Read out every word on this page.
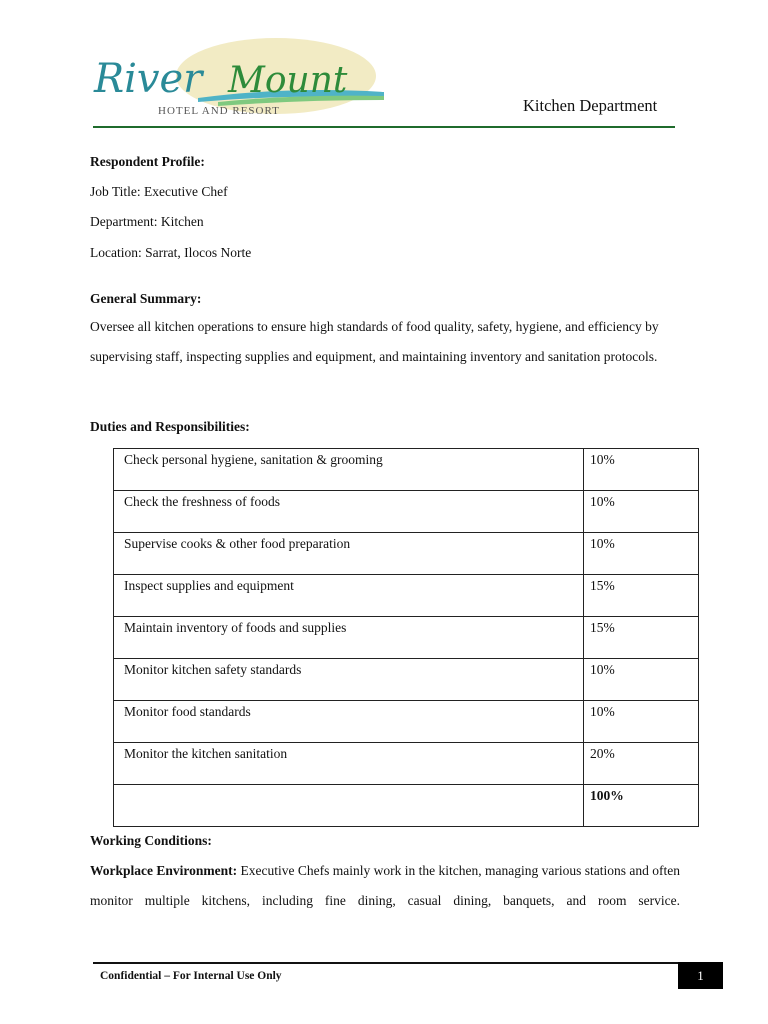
River Mount
HOTEL AND RESORT	Kitchen Department
Respondent Profile:
Job Title: Executive Chef
Department: Kitchen
Location: Sarrat, Ilocos Norte
General Summary:
Oversee all kitchen operations to ensure high standards of food quality, safety, hygiene, and efficiency by supervising staff, inspecting supplies and equipment, and maintaining inventory and sanitation protocols.
Duties and Responsibilities:
Check personal hygiene, sanitation & grooming	10%
Check the freshness of foods	10%
Supervise cooks & other food preparation	10%
Inspect supplies and equipment	15%
Maintain inventory of foods and supplies	15%
Monitor kitchen safety standards	10%
Monitor food standards	10%
Monitor the kitchen sanitation	20%
	100%
Working Conditions:
Workplace Environment: Executive Chefs mainly work in the kitchen, managing various stations and often monitor multiple kitchens, including fine dining, casual dining, banquets, and room service.
Confidential – For Internal Use Only	1
